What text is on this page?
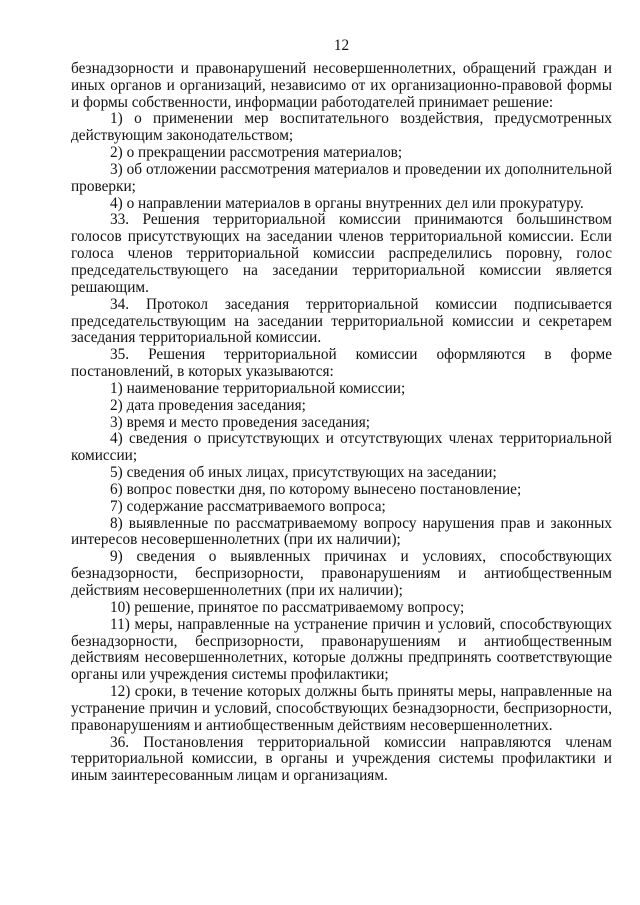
12

безнадзорности и правонарушений несовершеннолетних, обращений граждан и иных органов и организаций, независимо от их организационно-правовой формы и формы собственности, информации работодателей принимает решение:

1) о применении мер воспитательного воздействия, предусмотренных действующим законодательством;

2) о прекращении рассмотрения материалов;

3) об отложении рассмотрения материалов и проведении их дополнительной проверки;

4) о направлении материалов в органы внутренних дел или прокуратуру.

33. Решения территориальной комиссии принимаются большинством голосов присутствующих на заседании членов территориальной комиссии. Если голоса членов территориальной комиссии распределились поровну, голос председательствующего на заседании территориальной комиссии является решающим.

34. Протокол заседания территориальной комиссии подписывается председательствующим на заседании территориальной комиссии и секретарем заседания территориальной комиссии.

35. Решения территориальной комиссии оформляются в форме постановлений, в которых указываются:

1) наименование территориальной комиссии;

2) дата проведения заседания;

3) время и место проведения заседания;

4) сведения о присутствующих и отсутствующих членах территориальной комиссии;

5) сведения об иных лицах, присутствующих на заседании;

6) вопрос повестки дня, по которому вынесено постановление;

7) содержание рассматриваемого вопроса;

8) выявленные по рассматриваемому вопросу нарушения прав и законных интересов несовершеннолетних (при их наличии);

9) сведения о выявленных причинах и условиях, способствующих безнадзорности, беспризорности, правонарушениям и антиобщественным действиям несовершеннолетних (при их наличии);

10) решение, принятое по рассматриваемому вопросу;

11) меры, направленные на устранение причин и условий, способствующих безнадзорности, беспризорности, правонарушениям и антиобщественным действиям несовершеннолетних, которые должны предпринять соответствующие органы или учреждения системы профилактики;

12) сроки, в течение которых должны быть приняты меры, направленные на устранение причин и условий, способствующих безнадзорности, беспризорности, правонарушениям и антиобщественным действиям несовершеннолетних.

36. Постановления территориальной комиссии направляются членам территориальной комиссии, в органы и учреждения системы профилактики и иным заинтересованным лицам и организациям.
